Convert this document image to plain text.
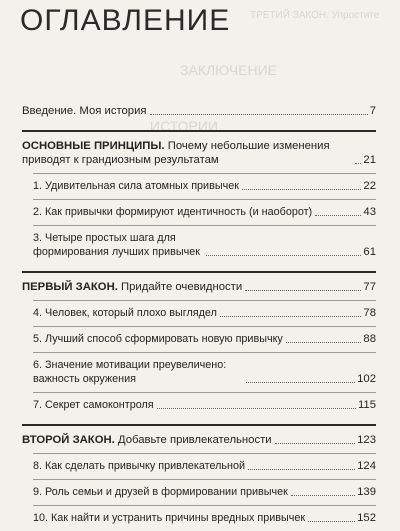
ТРЕТИЙ ЗАКОН. Упростите
ЗАКЛЮЧЕНИЕ
ИСТОРИИ
ОГЛАВЛЕНИЕ
Введение. Моя история	7
ОСНОВНЫЕ ПРИНЦИПЫ. Почему небольшие изменения приводят к грандиозным результатам	21
1. Удивительная сила атомных привычек	22
2. Как привычки формируют идентичность (и наоборот)	43
3. Четыре простых шага для формирования лучших привычек	61
ПЕРВЫЙ ЗАКОН. Придайте очевидности	77
4. Человек, который плохо выглядел	78
5. Лучший способ сформировать новую привычку	88
6. Значение мотивации преувеличено: важность окружения	102
7. Секрет самоконтроля	115
ВТОРОЙ ЗАКОН. Добавьте привлекательности	123
8. Как сделать привычку привлекательной	124
9. Роль семьи и друзей в формировании привычек	139
10. Как найти и устранить причины вредных привычек	152
